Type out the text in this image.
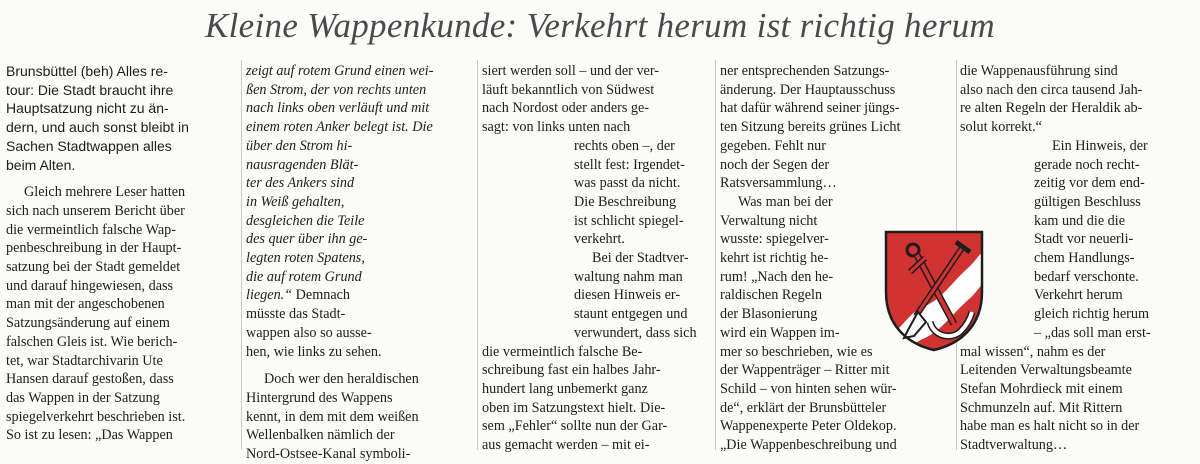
Kleine Wappenkunde: Verkehrt herum ist richtig herum
Brunsbüttel (beh) Alles re-
tour: Die Stadt braucht ihre
Hauptsatzung nicht zu än-
dern, und auch sonst bleibt in
Sachen Stadtwappen alles
beim Alten.
Gleich mehrere Leser hatten
sich nach unserem Bericht über
die vermeintlich falsche Wap-
penbeschreibung in der Haupt-
satzung bei der Stadt gemeldet
und darauf hingewiesen, dass
man mit der angeschobenen
Satzungsänderung auf einem
falschen Gleis ist. Wie berich-
tet, war Stadtarchivarin Ute
Hansen darauf gestoßen, dass
das Wappen in der Satzung
spiegelverkehrt beschrieben ist.
So ist zu lesen: „Das Wappen
zeigt auf rotem Grund einen wei-
ßen Strom, der von rechts unten
nach links oben verläuft und mit
einem roten Anker belegt ist. Die
über den Strom hi-
nausragenden Blät-
ter des Ankers sind
in Weiß gehalten,
desgleichen die Teile
des quer über ihn ge-
legten roten Spatens,
die auf rotem Grund
liegen.“ Demnach
müsste das Stadt-
wappen also so ausse-
hen, wie links zu sehen.
Doch wer den heraldischen
Hintergrund des Wappens
kennt, in dem mit dem weißen
Wellenbalken nämlich der
Nord-Ostsee-Kanal symboli-
siert werden soll – und der ver-
läuft bekanntlich von Südwest
nach Nordost oder anders ge-
sagt: von links unten nach
rechts oben –, der
stellt fest: Irgendet-
was passt da nicht.
Die Beschreibung
ist schlicht spiegel-
verkehrt.
Bei der Stadtver-
waltung nahm man
diesen Hinweis er-
staunt entgegen und
verwundert, dass sich
die vermeintlich falsche Be-
schreibung fast ein halbes Jahr-
hundert lang unbemerkt ganz
oben im Satzungstext hielt. Die-
sem „Fehler“ sollte nun der Gar-
aus gemacht werden – mit ei-
ner entsprechenden Satzungs-
änderung. Der Hauptausschuss
hat dafür während seiner jüngs-
ten Sitzung bereits grünes Licht
gegeben. Fehlt nur
noch der Segen der
Ratsversammlung…
Was man bei der
Verwaltung nicht
wusste: spiegelver-
kehrt ist richtig he-
rum! „Nach den he-
raldischen Regeln
der Blasonierung
wird ein Wappen im-
mer so beschrieben, wie es
der Wappenträger – Ritter mit
Schild – von hinten sehen wür-
de“, erklärt der Brunsbütteler
Wappenexperte Peter Oldekop.
„Die Wappenbeschreibung und
die Wappenausführung sind
also nach den circa tausend Jah-
re alten Regeln der Heraldik ab-
solut korrekt.“
Ein Hinweis, der
gerade noch recht-
zeitig vor dem end-
gültigen Beschluss
kam und die die
Stadt vor neuerli-
chem Handlungs-
bedarf verschonte.
Verkehrt herum
gleich richtig herum
– „das soll man erst-
mal wissen“, nahm es der
Leitenden Verwaltungsbeamte
Stefan Mohrdieck mit einem
Schmunzeln auf. Mit Rittern
habe man es halt nicht so in der
Stadtverwaltung…
